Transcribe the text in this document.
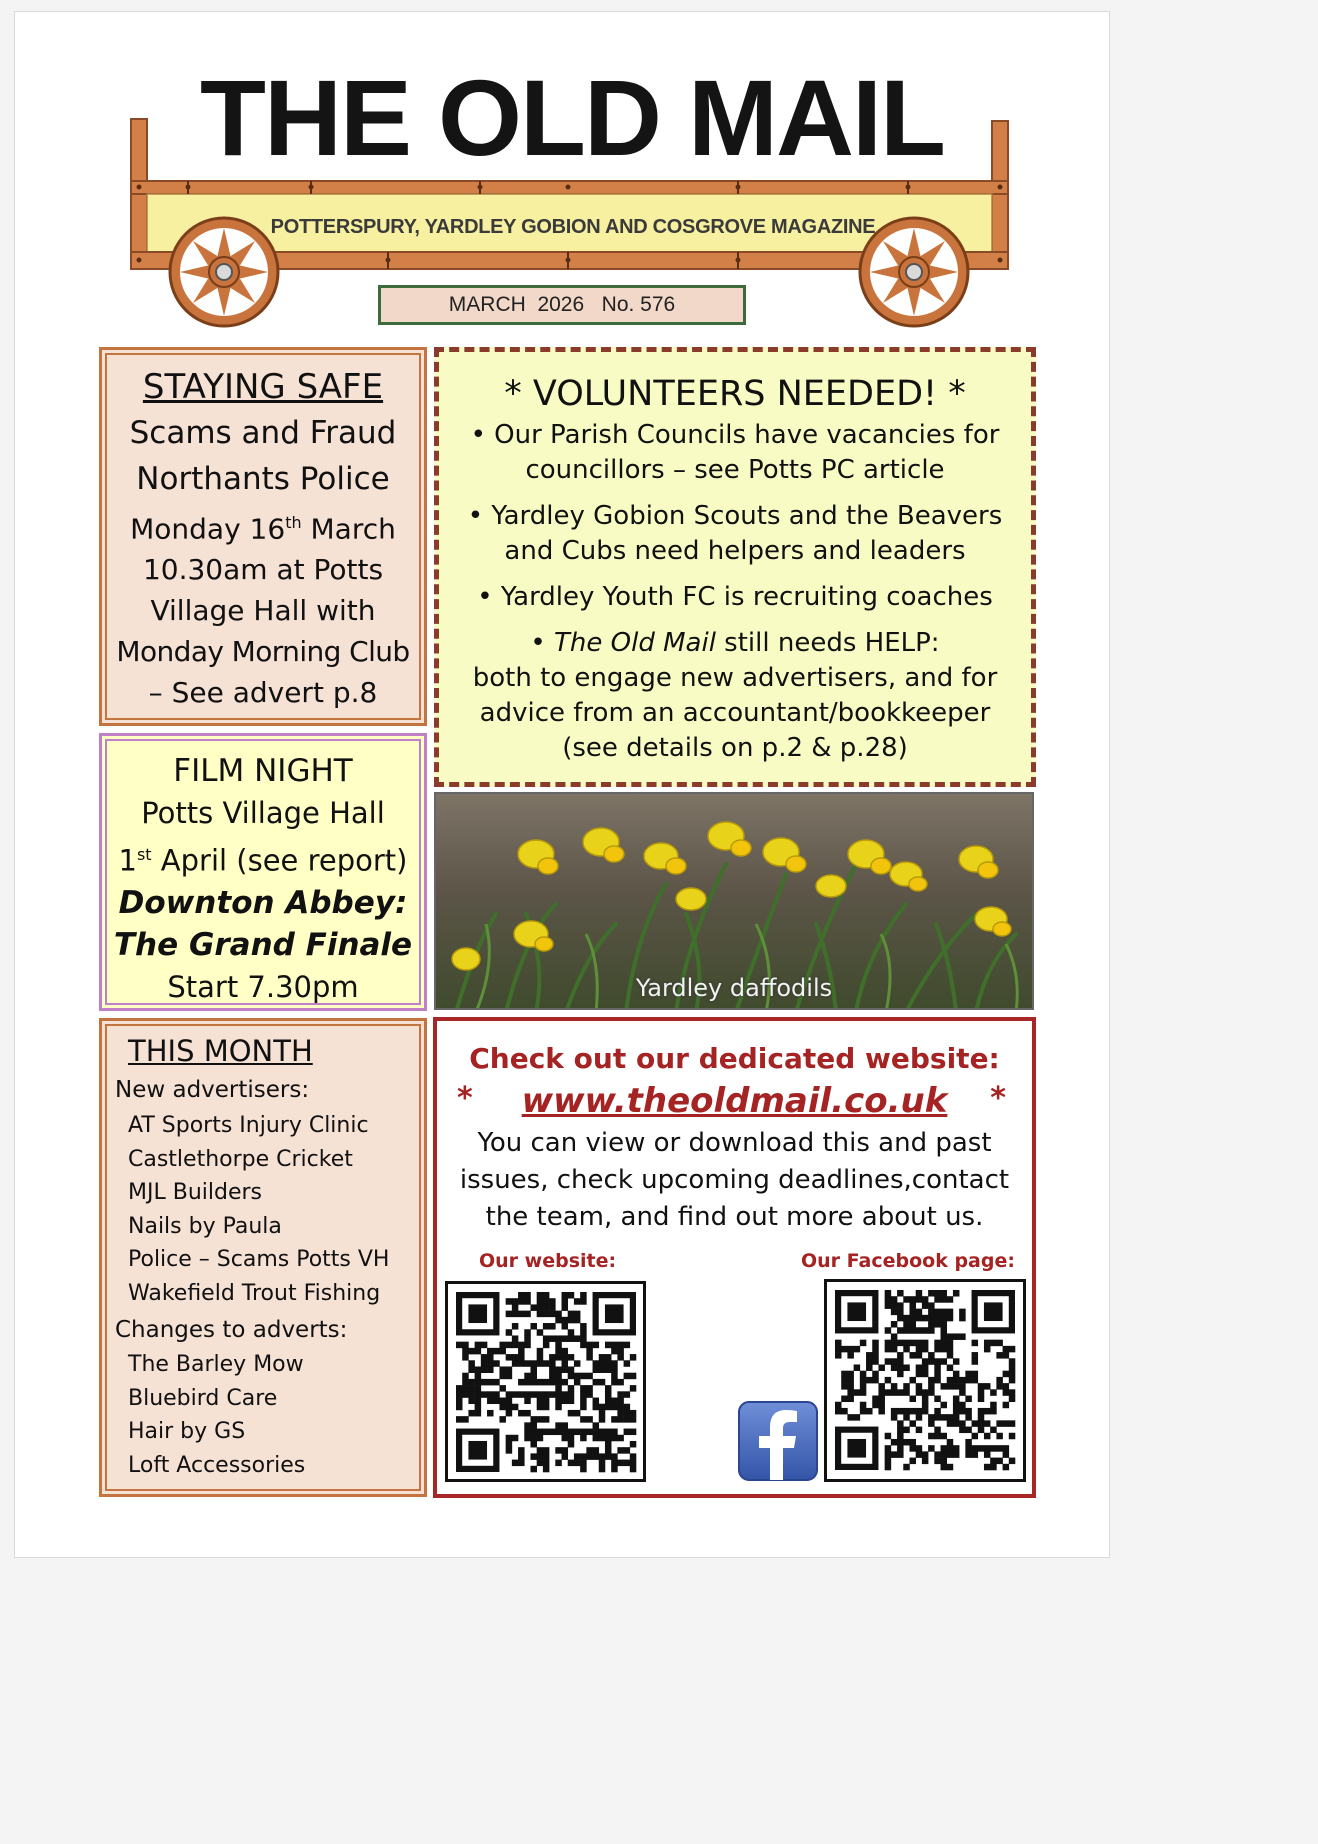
THE OLD MAIL
POTTERSPURY, YARDLEY GOBION AND COSGROVE MAGAZINE
MARCH  2026   No. 576
STAYING SAFE
Scams and Fraud
Northants Police
Monday 16th March
10.30am at Potts
Village Hall with
Monday Morning Club
– See advert p.8
FILM NIGHT
Potts Village Hall
1st April (see report)
Downton Abbey:
The Grand Finale
Start 7.30pm
THIS MONTH
New advertisers:
AT Sports Injury Clinic
Castlethorpe Cricket
MJL Builders
Nails by Paula
Police – Scams Potts VH
Wakefield Trout Fishing
Changes to adverts:
The Barley Mow
Bluebird Care
Hair by GS
Loft Accessories
* VOLUNTEERS NEEDED! *

• Our Parish Councils have vacancies for

councillors – see Potts PC article

• Yardley Gobion Scouts and the Beavers

and Cubs need helpers and leaders

• Yardley Youth FC is recruiting coaches

• The Old Mail still needs HELP:

both to engage new advertisers, and for

advice from an accountant/bookkeeper

(see details on p.2 & p.28)

Yardley daffodils
Check out our dedicated website:
* www.theoldmail.co.uk *
You can view or download this and past
issues, check upcoming deadlines,contact
the team, and find out more about us.
Our website:	Our Facebook page:
